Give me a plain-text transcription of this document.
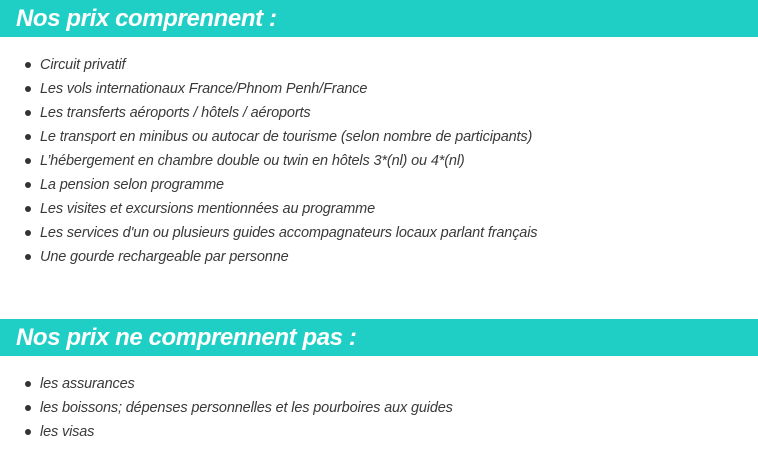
Nos prix comprennent :
Circuit privatif
Les vols internationaux France/Phnom Penh/France
Les transferts aéroports / hôtels / aéroports
Le transport en minibus ou autocar de tourisme (selon nombre de participants)
L’hébergement en chambre double ou twin en hôtels 3*(nl) ou 4*(nl)
La pension selon programme
Les visites et excursions mentionnées au programme
Les services d'un ou plusieurs guides accompagnateurs locaux parlant français
Une gourde rechargeable par personne
Nos prix ne comprennent pas :
les assurances
les boissons; dépenses personnelles et les pourboires aux guides
les visas
